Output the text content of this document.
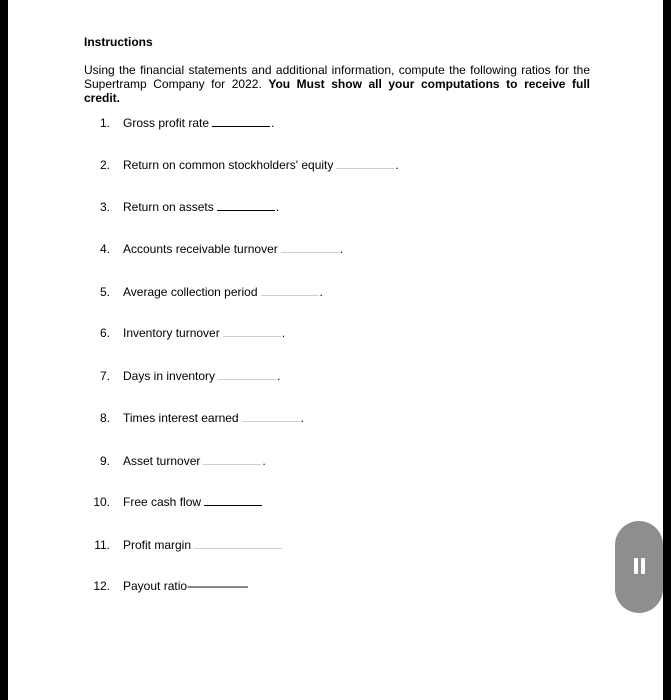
Instructions
Using the financial statements and additional information, compute the following ratios for the Supertramp Company for 2022. You Must show all your computations to receive full credit.
1. Gross profit rate	.
2. Return on common stockholders' equity	.
3. Return on assets	.
4. Accounts receivable turnover	.
5. Average collection period	.
6. Inventory turnover	.
7. Days in inventory	.
8. Times interest earned	.
9. Asset turnover	.
10. Free cash flow
11. Profit margin
12. Payout ratio------------------------
